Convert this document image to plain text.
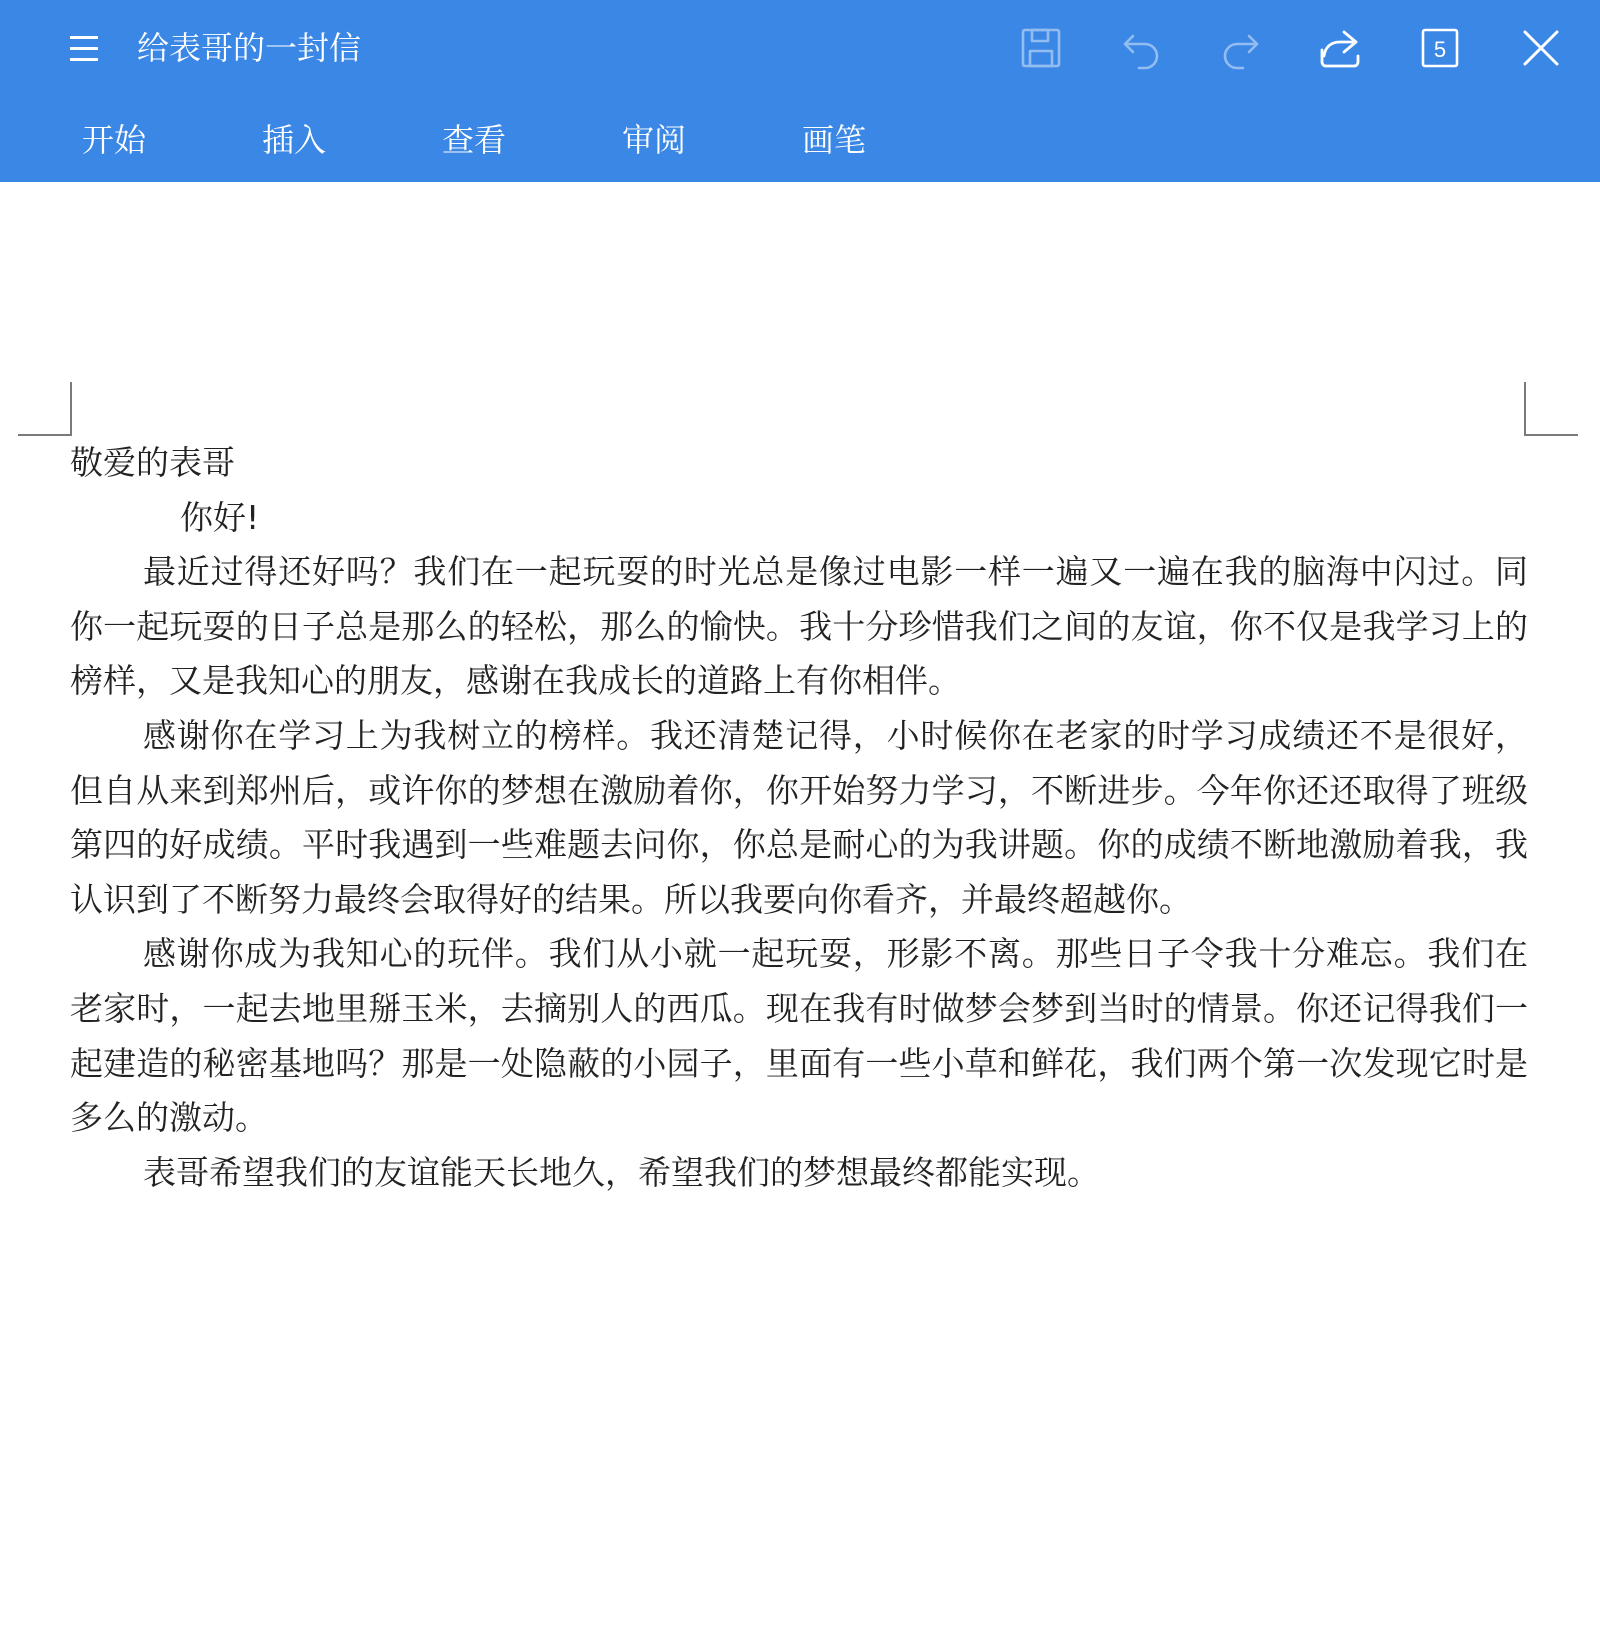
给表哥的一封信	5
开始	插入	查看	审阅	画笔

敬爱的表哥

你好!

最近过得还好吗？我们在一起玩耍的时光总是像过电影一样一遍又一遍在我的脑海中闪过。同你一起玩耍的日子总是那么的轻松，那么的愉快。我十分珍惜我们之间的友谊，你不仅是我学习上的榜样，又是我知心的朋友，感谢在我成长的道路上有你相伴。

感谢你在学习上为我树立的榜样。我还清楚记得，小时候你在老家的时学习成绩还不是很好，但自从来到郑州后，或许你的梦想在激励着你，你开始努力学习，不断进步。今年你还还取得了班级第四的好成绩。平时我遇到一些难题去问你，你总是耐心的为我讲题。你的成绩不断地激励着我，我认识到了不断努力最终会取得好的结果。所以我要向你看齐，并最终超越你。

感谢你成为我知心的玩伴。我们从小就一起玩耍，形影不离。那些日子令我十分难忘。我们在老家时，一起去地里掰玉米，去摘别人的西瓜。现在我有时做梦会梦到当时的情景。你还记得我们一起建造的秘密基地吗？那是一处隐蔽的小园子，里面有一些小草和鲜花，我们两个第一次发现它时是多么的激动。

表哥希望我们的友谊能天长地久，希望我们的梦想最终都能实现。
